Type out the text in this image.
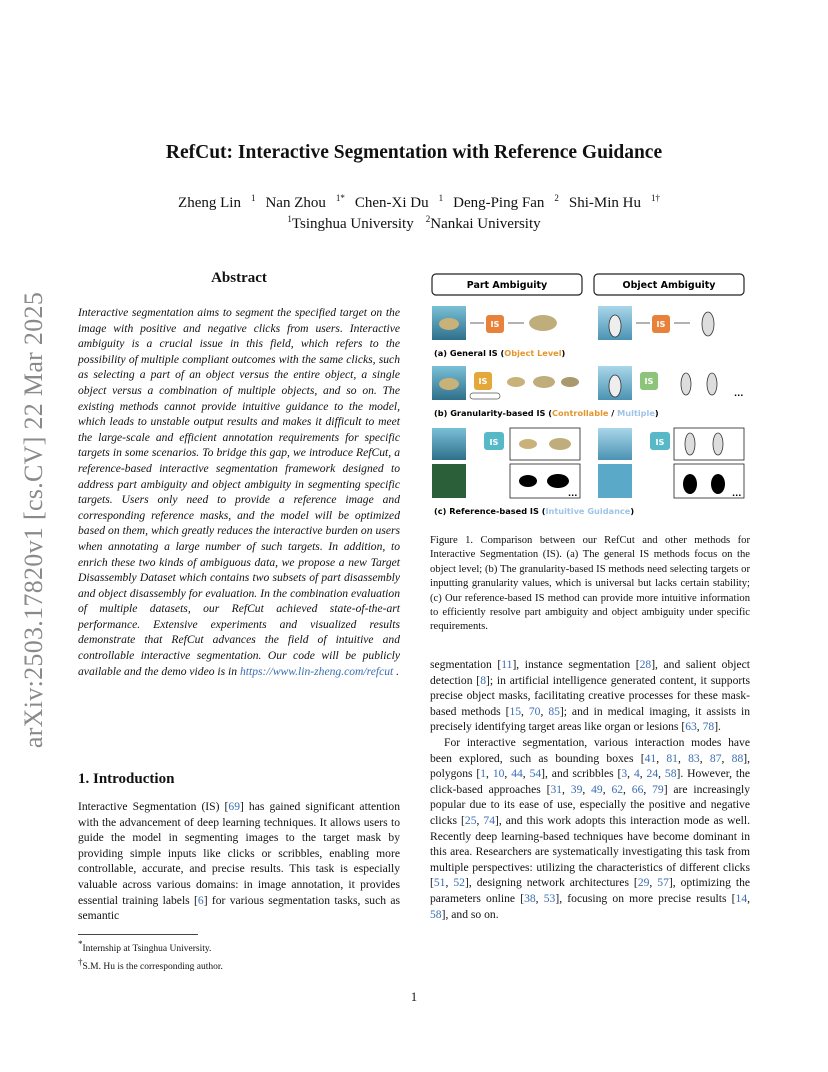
arXiv:2503.17820v1 [cs.CV] 22 Mar 2025
RefCut: Interactive Segmentation with Reference Guidance
Zheng Lin $^1$ Nan Zhou $^{1*}$ Chen-Xi Du $^1$ Deng-Ping Fan $^2$ Shi-Min Hu $^{1\dagger}$
$^1$Tsinghua University $^2$Nankai University
Abstract
Interactive segmentation aims to segment the specified target on the image with positive and negative clicks from users. Interactive ambiguity is a crucial issue in this field, which refers to the possibility of multiple compliant outcomes with the same clicks, such as selecting a part of an object versus the entire object, a single object versus a combination of multiple objects, and so on. The existing methods cannot provide intuitive guidance to the model, which leads to unstable output results and makes it difficult to meet the large-scale and efficient annotation requirements for specific targets in some scenarios. To bridge this gap, we introduce RefCut, a reference-based interactive segmentation framework designed to address part ambiguity and object ambiguity in segmenting specific targets. Users only need to provide a reference image and corresponding reference masks, and the model will be optimized based on them, which greatly reduces the interactive burden on users when annotating a large number of such targets. In addition, to enrich these two kinds of ambiguous data, we propose a new Target Disassembly Dataset which contains two subsets of part disassembly and object disassembly for evaluation. In the combination evaluation of multiple datasets, our RefCut achieved state-of-the-art performance. Extensive experiments and visualized results demonstrate that RefCut advances the field of intuitive and controllable interactive segmentation. Our code will be publicly available and the demo video is in https://www.lin-zheng.com/refcut .
1. Introduction
Interactive Segmentation (IS) [69] has gained significant attention with the advancement of deep learning techniques. It allows users to guide the model in segmenting images to the target mask by providing simple inputs like clicks or scribbles, enabling more controllable, accurate, and precise results. This task is especially valuable across various domains: in image annotation, it provides essential training labels [6] for various segmentation tasks, such as semantic
*Internship at Tsinghua University.
†S.M. Hu is the corresponding author.
Part Ambiguity	Object Ambiguity
IS	IS
(a) General IS (Object Level)
IS	IS
...
(b) Granularity-based IS (Controllable / Multiple)
IS
...
IS
...
(c) Reference-based IS (Intuitive Guidance)
Figure 1. Comparison between our RefCut and other methods for Interactive Segmentation (IS). (a) The general IS methods focus on the object level; (b) The granularity-based IS methods need selecting targets or inputting granularity values, which is universal but lacks certain stability; (c) Our reference-based IS method can provide more intuitive information to efficiently resolve part ambiguity and object ambiguity under specific requirements.

segmentation [11], instance segmentation [28], and salient object detection [8]; in artificial intelligence generated content, it supports precise object masks, facilitating creative processes for these mask-based methods [15, 70, 85]; and in medical imaging, it assists in precisely identifying target areas like organ or lesions [63, 78].

For interactive segmentation, various interaction modes have been explored, such as bounding boxes [41, 81, 83, 87, 88], polygons [1, 10, 44, 54], and scribbles [3, 4, 24, 58]. However, the click-based approaches [31, 39, 49, 62, 66, 79] are increasingly popular due to its ease of use, especially the positive and negative clicks [25, 74], and this work adopts this interaction mode as well. Recently deep learning-based techniques have become dominant in this area. Researchers are systematically investigating this task from multiple perspectives: utilizing the characteristics of different clicks [51, 52], designing network architectures [29, 57], optimizing the parameters online [38, 53], focusing on more precise results [14, 58], and so on.

1
